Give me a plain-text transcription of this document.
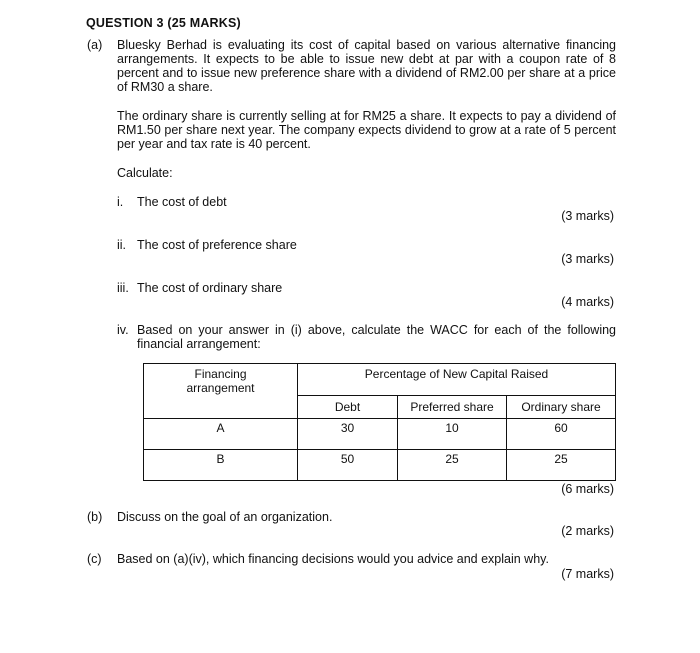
QUESTION 3 (25 MARKS)
(a) Bluesky Berhad is evaluating its cost of capital based on various alternative financing arrangements. It expects to be able to issue new debt at par with a coupon rate of 8 percent and to issue new preference share with a dividend of RM2.00 per share at a price of RM30 a share.
The ordinary share is currently selling at for RM25 a share. It expects to pay a dividend of RM1.50 per share next year. The company expects dividend to grow at a rate of 5 percent per year and tax rate is 40 percent.
Calculate:
i. The cost of debt
(3 marks)
ii. The cost of preference share
(3 marks)
iii. The cost of ordinary share
(4 marks)
iv. Based on your answer in (i) above, calculate the WACC for each of the following financial arrangement:
Financing
arrangement	Percentage of New Capital Raised		
	Debt	Preferred share	Ordinary share
A	30	10	60
B	50	25	25
(6 marks)
(b) Discuss on the goal of an organization.
(2 marks)
(c) Based on (a)(iv), which financing decisions would you advice and explain why.
(7 marks)
